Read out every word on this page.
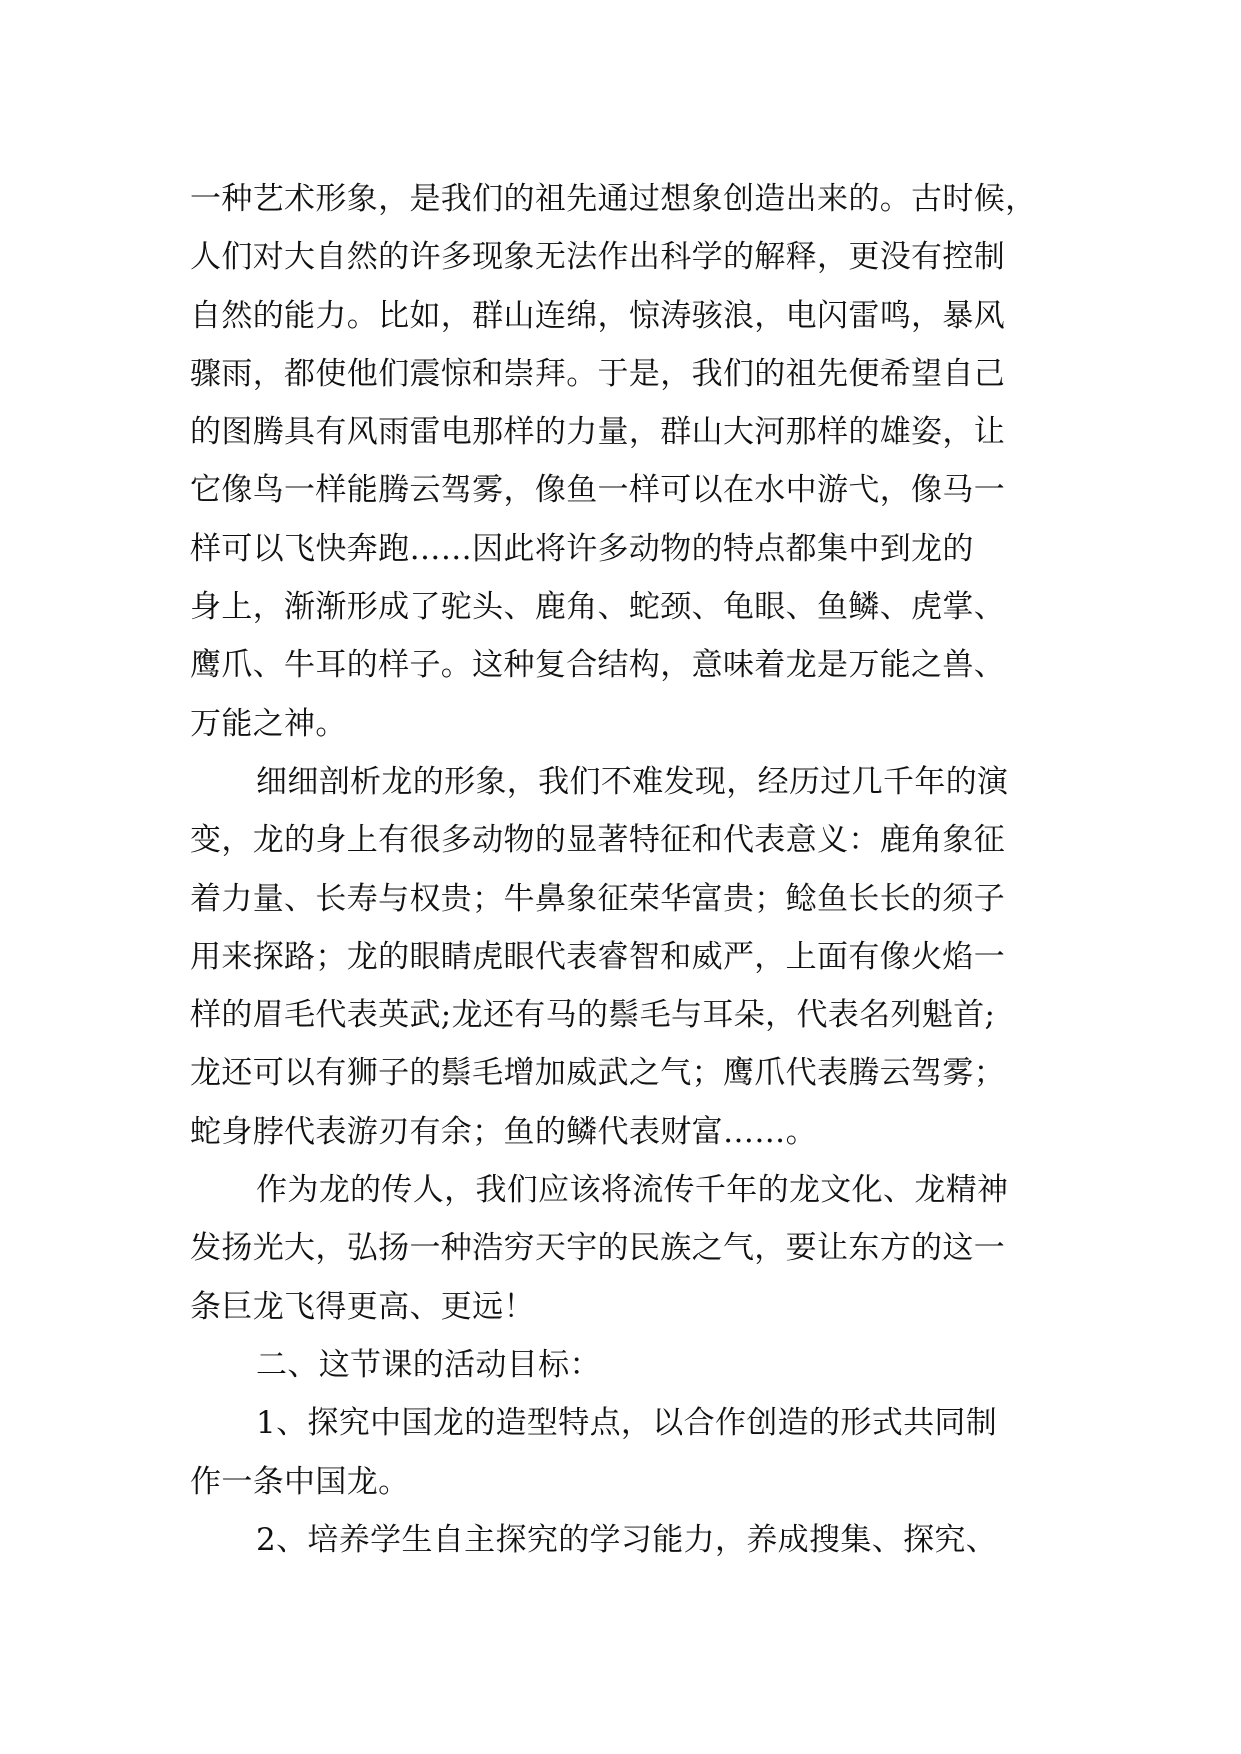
一种艺术形象，是我们的祖先通过想象创造出来的。古时候，
人们对大自然的许多现象无法作出科学的解释，更没有控制
自然的能力。比如，群山连绵，惊涛骇浪，电闪雷鸣，暴风
骤雨，都使他们震惊和崇拜。于是，我们的祖先便希望自己
的图腾具有风雨雷电那样的力量，群山大河那样的雄姿，让
它像鸟一样能腾云驾雾，像鱼一样可以在水中游弋，像马一
样可以飞快奔跑……因此将许多动物的特点都集中到龙的
身上，渐渐形成了驼头、鹿角、蛇颈、龟眼、鱼鳞、虎掌、
鹰爪、牛耳的样子。这种复合结构，意味着龙是万能之兽、
万能之神。
细细剖析龙的形象，我们不难发现，经历过几千年的演
变，龙的身上有很多动物的显著特征和代表意义：鹿角象征
着力量、长寿与权贵；牛鼻象征荣华富贵；鲶鱼长长的须子
用来探路；龙的眼睛虎眼代表睿智和威严，上面有像火焰一
样的眉毛代表英武;龙还有马的鬃毛与耳朵，代表名列魁首;
龙还可以有狮子的鬃毛增加威武之气；鹰爪代表腾云驾雾；
蛇身脖代表游刃有余；鱼的鳞代表财富……。
作为龙的传人，我们应该将流传千年的龙文化、龙精神
发扬光大，弘扬一种浩穷天宇的民族之气，要让东方的这一
条巨龙飞得更高、更远！
二、这节课的活动目标：
1、探究中国龙的造型特点，以合作创造的形式共同制
作一条中国龙。
2、培养学生自主探究的学习能力，养成搜集、探究、
